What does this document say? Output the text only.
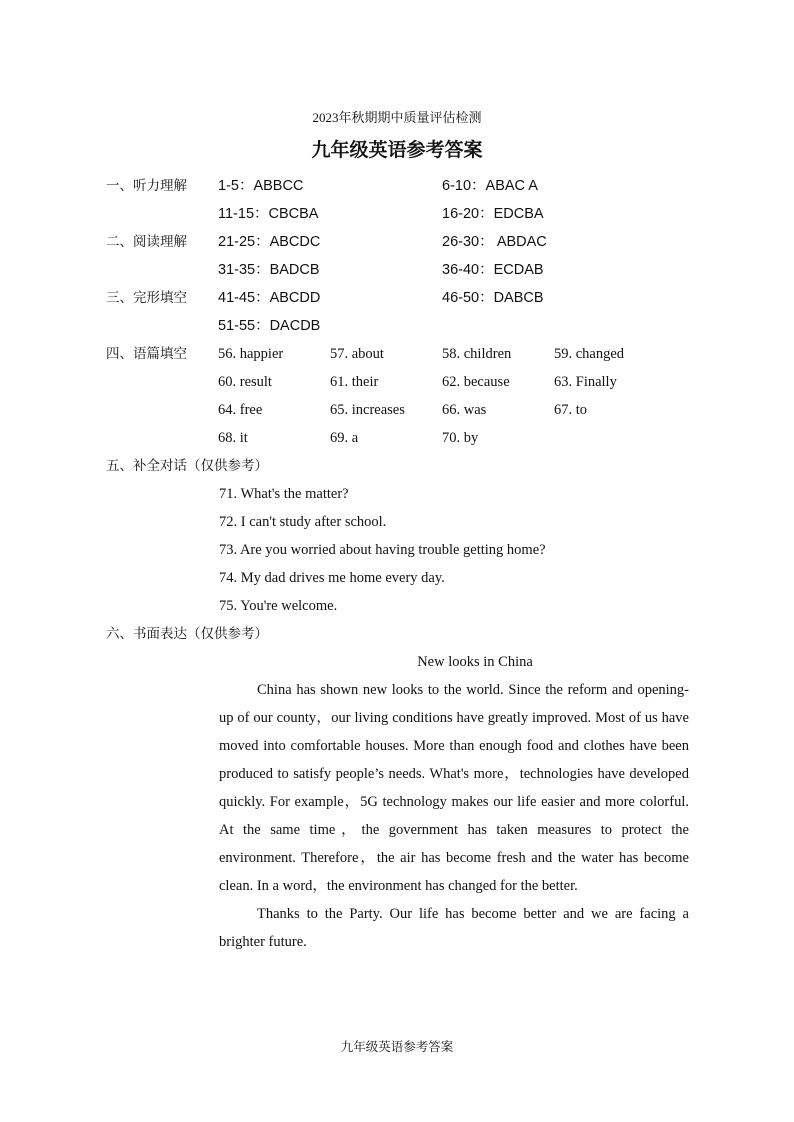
2023年秋期期中质量评估检测
九年级英语参考答案
一、听力理解 1-5：ABBCC	6-10：ABAC A
11-15：CBCBA	16-20：EDCBA
二、阅读理解 21-25：ABCDC	26-30： ABDAC
31-35：BADCB	36-40：ECDAB
三、完形填空 41-45：ABCDD	46-50：DABCB
51-55：DACDB
四、语篇填空 56. happier	57. about	58. children	59. changed
60. result	61. their	62. because	63. Finally
64. free	65. increases	66. was	67. to
68. it	69. a	70. by
五、补全对话（仅供参考）
71. What's the matter?
72. I can't study after school.
73. Are you worried about having trouble getting home?
74. My dad drives me home every day.
75. You're welcome.
六、书面表达（仅供参考）
New looks in China

China has shown new looks to the world. Since the reform and opening-up of our county，our living conditions have greatly improved. Most of us have moved into comfortable houses. More than enough food and clothes have been produced to satisfy people’s needs. What's more，technologies have developed quickly. For example，5G technology makes our life easier and more colorful. At the same time，the government has taken measures to protect the environment. Therefore，the air has become fresh and the water has become clean. In a word，the environment has changed for the better.

Thanks to the Party. Our life has become better and we are facing a brighter future.

九年级英语参考答案
